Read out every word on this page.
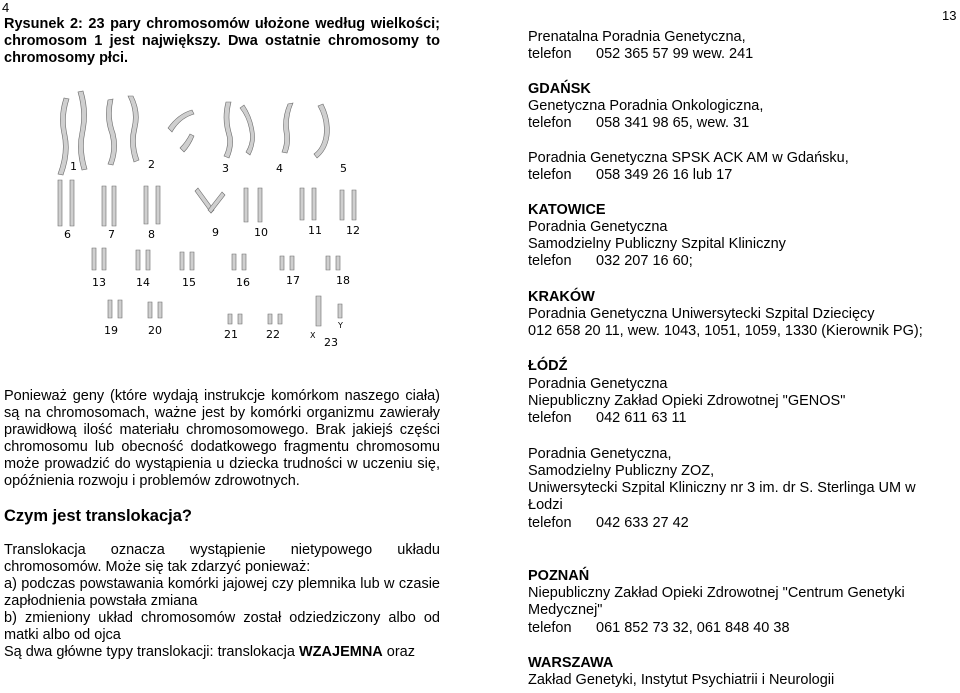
4
13
Rysunek 2: 23 pary chromosomów ułożone według wielkości; chromosom 1 jest największy. Dwa ostatnie chromosomy to chromosomy płci.
1	2	3	4	5
6	7	8	9	10	11 12
13	14	15	16	17	18
19	20	21	22	X
Y
23
Ponieważ geny (które wydają instrukcje komórkom naszego ciała) są na chromosomach, ważne jest by komórki organizmu zawierały prawidłową ilość materiału chromosomowego. Brak jakiejś części chromosomu lub obecność dodatkowego fragmentu chromosomu może prowadzić do wystąpienia u dziecka trudności w uczeniu się, opóźnienia rozwoju i problemów zdrowotnych.
Czym jest translokacja?
Translokacja oznacza wystąpienie nietypowego układu chromosomów. Może się tak zdarzyć ponieważ:
a) podczas powstawania komórki jajowej czy plemnika lub w czasie zapłodnienia powstała zmiana
b) zmieniony układ chromosomów został odziedziczony albo od matki albo od ojca
Są dwa główne typy translokacji: translokacja WZAJEMNA oraz
Prenatalna Poradnia Genetyczna,
telefon 052 365 57 99 wew. 241
GDAŃSK
Genetyczna Poradnia Onkologiczna,
telefon 058 341 98 65, wew. 31
Poradnia Genetyczna SPSK ACK AM w Gdańsku,
telefon 058 349 26 16 lub 17
KATOWICE
Poradnia Genetyczna
Samodzielny Publiczny Szpital Kliniczny
telefon 032 207 16 60;
KRAKÓW
Poradnia Genetyczna Uniwersytecki Szpital Dziecięcy
012 658 20 11, wew. 1043, 1051, 1059, 1330 (Kierownik PG);
ŁÓDŹ
Poradnia Genetyczna
Niepubliczny Zakład Opieki Zdrowotnej "GENOS"
telefon 042 611 63 11
Poradnia Genetyczna,
Samodzielny Publiczny ZOZ,
Uniwersytecki Szpital Kliniczny nr 3 im. dr S. Sterlinga UM w Łodzi
telefon 042 633 27 42
POZNAŃ
Niepubliczny Zakład Opieki Zdrowotnej "Centrum Genetyki Medycznej"
telefon 061 852 73 32, 061 848 40 38
WARSZAWA
Zakład Genetyki, Instytut Psychiatrii i Neurologii
